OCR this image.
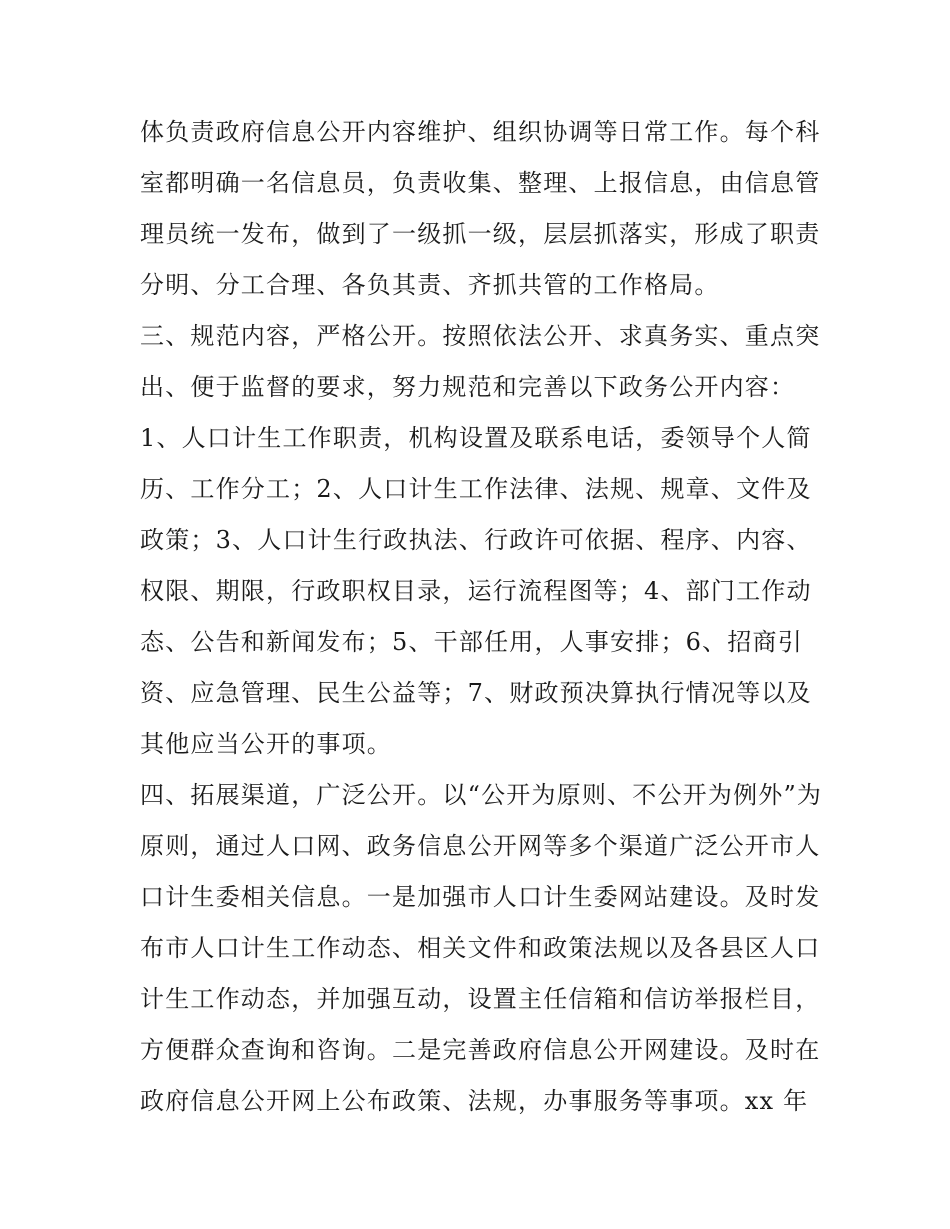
体负责政府信息公开内容维护、组织协调等日常工作。每个科
室都明确一名信息员，负责收集、整理、上报信息，由信息管
理员统一发布，做到了一级抓一级，层层抓落实，形成了职责
分明、分工合理、各负其责、齐抓共管的工作格局。
三、规范内容，严格公开。按照依法公开、求真务实、重点突
出、便于监督的要求，努力规范和完善以下政务公开内容：
1、人口计生工作职责，机构设置及联系电话，委领导个人简
历、工作分工；2、人口计生工作法律、法规、规章、文件及
政策；3、人口计生行政执法、行政许可依据、程序、内容、
权限、期限，行政职权目录，运行流程图等；4、部门工作动
态、公告和新闻发布；5、干部任用，人事安排；6、招商引
资、应急管理、民生公益等；7、财政预决算执行情况等以及
其他应当公开的事项。
四、拓展渠道，广泛公开。以“公开为原则、不公开为例外”为
原则，通过人口网、政务信息公开网等多个渠道广泛公开市人
口计生委相关信息。一是加强市人口计生委网站建设。及时发
布市人口计生工作动态、相关文件和政策法规以及各县区人口
计生工作动态，并加强互动，设置主任信箱和信访举报栏目，
方便群众查询和咨询。二是完善政府信息公开网建设。及时在
政府信息公开网上公布政策、法规，办事服务等事项。xx 年
